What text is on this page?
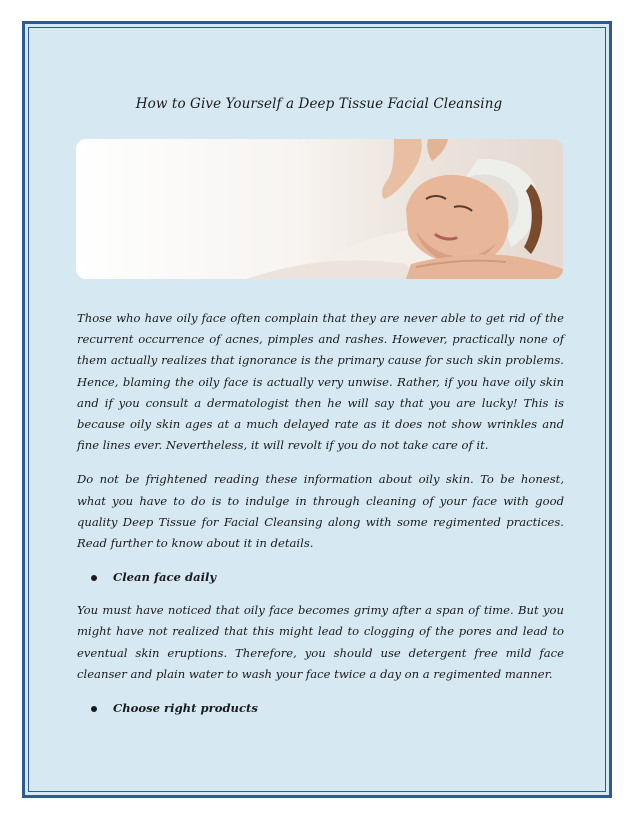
How to Give Yourself a Deep Tissue Facial Cleansing

Those who have oily face often complain that they are never able to get rid of the recurrent occurrence of acnes, pimples and rashes. However, practically none of them actually realizes that ignorance is the primary cause for such skin problems. Hence, blaming the oily face is actually very unwise. Rather, if you have oily skin and if you consult a dermatologist then he will say that you are lucky! This is because oily skin ages at a much delayed rate as it does not show wrinkles and fine lines ever. Nevertheless, it will revolt if you do not take care of it.

Do not be frightened reading these information about oily skin. To be honest, what you have to do is to indulge in through cleaning of your face with good quality Deep Tissue for Facial Cleansing along with some regimented practices. Read further to know about it in details.

Clean face daily

You must have noticed that oily face becomes grimy after a span of time. But you might have not realized that this might lead to clogging of the pores and lead to eventual skin eruptions. Therefore, you should use detergent free mild face cleanser and plain water to wash your face twice a day on a regimented manner.

Choose right products
